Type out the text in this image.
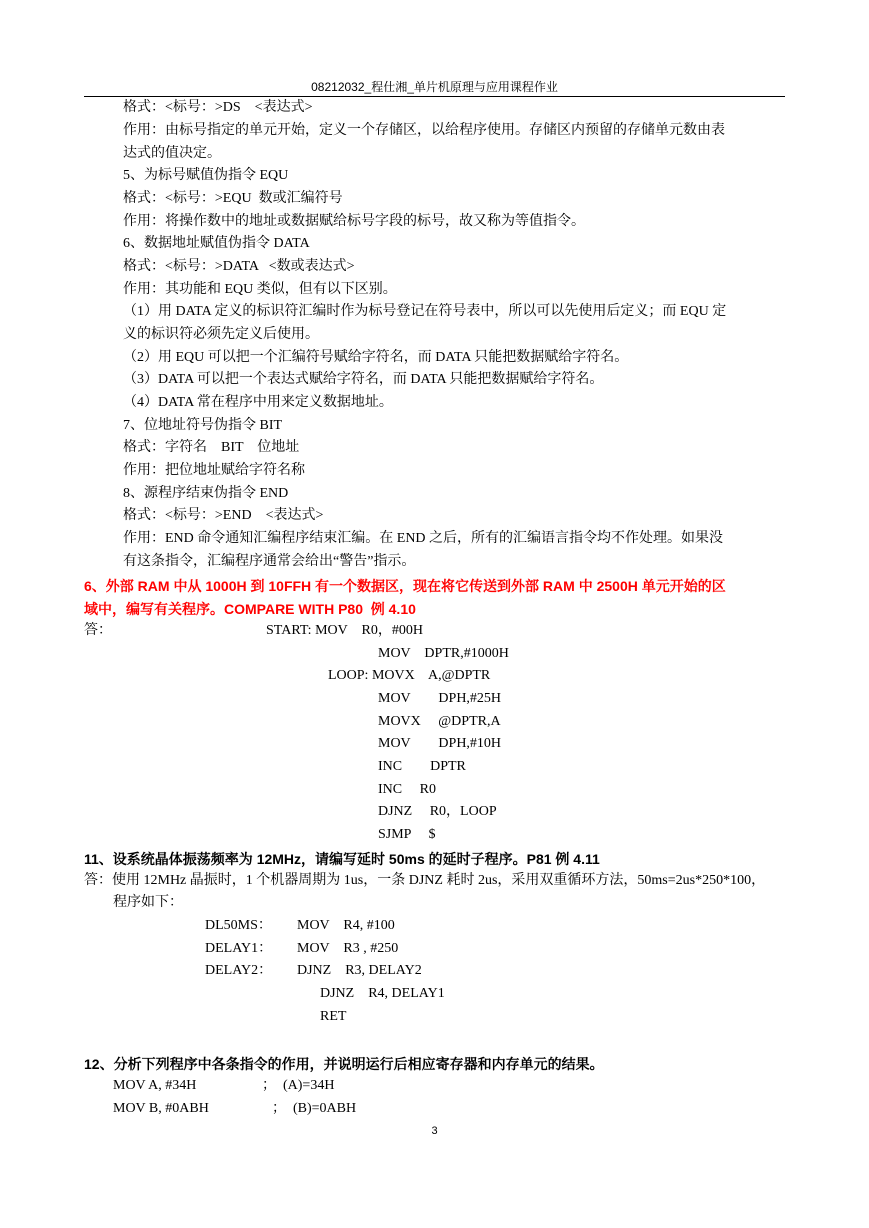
08212032_程仕湘_单片机原理与应用课程作业
格式：<标号：>DS    <表达式>
作用：由标号指定的单元开始，定义一个存储区，以给程序使用。存储区内预留的存储单元数由表
达式的值决定。
5、为标号赋值伪指令 EQU
格式：<标号：>EQU  数或汇编符号
作用：将操作数中的地址或数据赋给标号字段的标号，故又称为等值指令。
6、数据地址赋值伪指令 DATA
格式：<标号：>DATA   <数或表达式>
作用：其功能和 EQU 类似，但有以下区别。
（1）用 DATA 定义的标识符汇编时作为标号登记在符号表中，所以可以先使用后定义；而 EQU 定
义的标识符必须先定义后使用。
（2）用 EQU 可以把一个汇编符号赋给字符名，而 DATA 只能把数据赋给字符名。
（3）DATA 可以把一个表达式赋给字符名，而 DATA 只能把数据赋给字符名。
（4）DATA 常在程序中用来定义数据地址。
7、位地址符号伪指令 BIT
格式：字符名    BIT    位地址
作用：把位地址赋给字符名称
8、源程序结束伪指令 END
格式：<标号：>END    <表达式>
作用：END 命令通知汇编程序结束汇编。在 END 之后，所有的汇编语言指令均不作处理。如果没
有这条指令，汇编程序通常会给出“警告”指示。
6、外部 RAM 中从 1000H 到 10FFH 有一个数据区，现在将它传送到外部 RAM 中 2500H 单元开始的区
域中，编写有关程序。COMPARE WITH P80  例 4.10
答：	START: MOV    R0，#00H
MOV    DPTR,#1000H
LOOP: MOVX    A,@DPTR
MOV        DPH,#25H
MOVX     @DPTR,A
MOV        DPH,#10H
INC        DPTR
INC     R0
DJNZ     R0，LOOP
SJMP     $
11、设系统晶体振荡频率为 12MHz，请编写延时 50ms 的延时子程序。P81 例 4.11
答：使用 12MHz 晶振时，1 个机器周期为 1us，一条 DJNZ 耗时 2us，采用双重循环方法，50ms=2us*250*100，
程序如下：
DL50MS： MOV    R4, #100
DELAY1： MOV    R3 , #250
DELAY2： DJNZ    R3, DELAY2
DJNZ    R4, DELAY1
RET
12、分析下列程序中各条指令的作用，并说明运行后相应寄存器和内存单元的结果。
MOV A, #34H	；  (A)=34H
MOV B, #0ABH	；  (B)=0ABH
3
